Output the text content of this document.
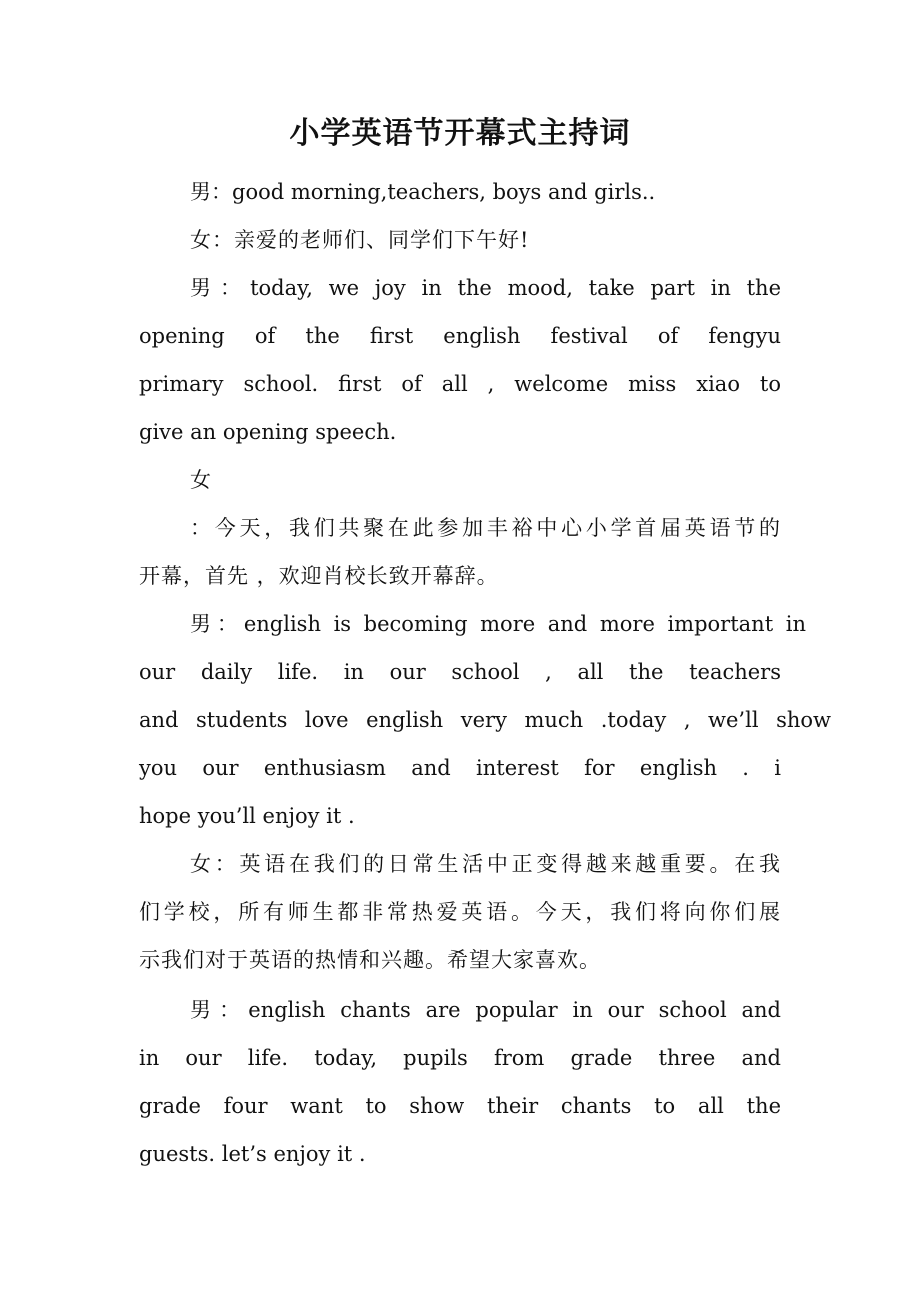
小学英语节开幕式主持词
男：good morning,teachers, boys and girls..
女：亲爱的老师们、同学们下午好!
男：today, we joy in the mood, take part in the
opening of the first english festival of fengyu
primary school. first of all , welcome miss xiao to
give an opening speech.
女
：今天，我们共聚在此参加丰裕中心小学首届英语节的
开幕，首先 ，欢迎肖校长致开幕辞。
男：english is becoming more and more important in
our daily life. in our school , all the teachers
and students love english very much .today , we’ll show
you our enthusiasm and interest for english . i
hope you’ll enjoy it .
女：英语在我们的日常生活中正变得越来越重要。在我
们学校，所有师生都非常热爱英语。今天，我们将向你们展
示我们对于英语的热情和兴趣。希望大家喜欢。
男：english chants are popular in our school and
in our life. today, pupils from grade three and
grade four want to show their chants to all the
guests. let’s enjoy it .
